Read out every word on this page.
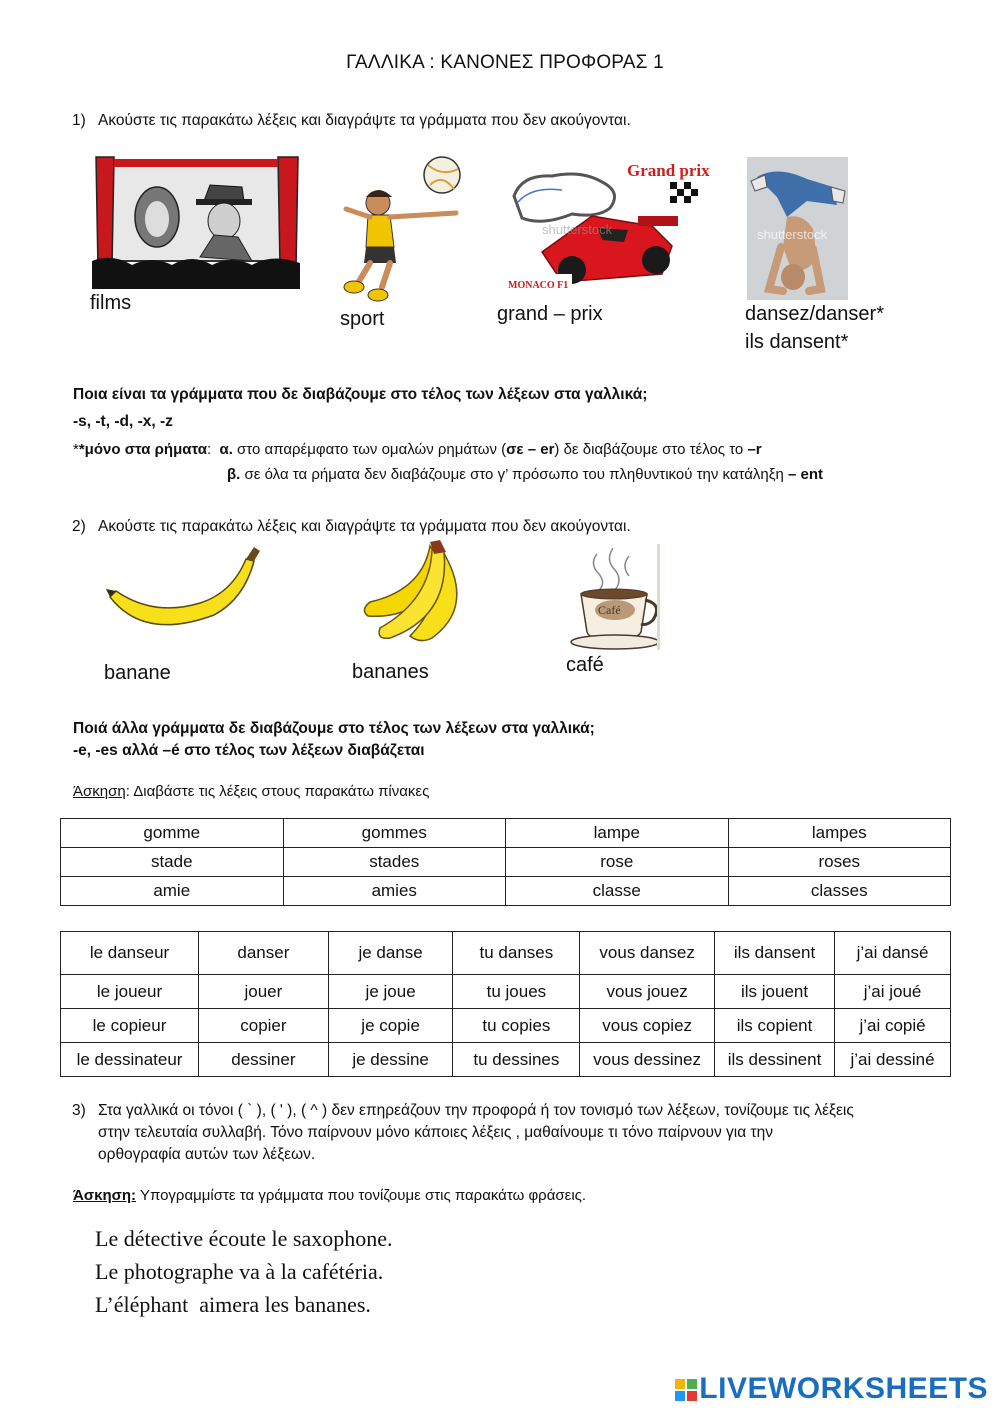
ΓΑΛΛΙΚΑ : ΚΑΝΟΝΕΣ ΠΡΟΦΟΡΑΣ 1
1) Ακούστε τις παρακάτω λέξεις και διαγράψτε τα γράμματα που δεν ακούγονται.
films
sport
Grand prix
MONACO F1
shutterstock
grand – prix
shutterstock
dansez/danser*
ils dansent*
Ποια είναι τα γράμματα που δε διαβάζουμε στο τέλος των λέξεων στα γαλλικά;
-s, -t, -d, -x, -z
**μόνο στα ρήματα:  α. στο απαρέμφατο των ομαλών ρημάτων (σε – er) δε διαβάζουμε στο τέλος το –r
β. σε όλα τα ρήματα δεν διαβάζουμε στο γ’ πρόσωπο του πληθυντικού την κατάληξη – ent
2) Ακούστε τις παρακάτω λέξεις και διαγράψτε τα γράμματα που δεν ακούγονται.
banane	bananes
Café
café
Ποιά άλλα γράμματα δε διαβάζουμε στο τέλος των λέξεων στα γαλλικά;
-e, -es αλλά –é στο τέλος των λέξεων διαβάζεται
Άσκηση: Διαβάστε τις λέξεις στους παρακάτω πίνακες
gomme	gommes	lampe	lampes
stade	stades	rose	roses
amie	amies	classe	classes
le danseur	danser	je danse	tu danses	vous dansez	ils dansent	j’ai dansé
le joueur	jouer	je joue	tu joues	vous jouez	ils jouent	j’ai joué
le copieur	copier	je copie	tu copies	vous copiez	ils copient	j’ai copié
le dessinateur	dessiner	je dessine	tu dessines	vous dessinez	ils dessinent	j’ai dessiné
3) Στα γαλλικά οι τόνοι ( ` ), ( ʹ ), ( ^ ) δεν επηρεάζουν την προφορά ή τον τονισμό των λέξεων, τονίζουμε τις λέξεις
στην τελευταία συλλαβή. Τόνο παίρνουν μόνο κάποιες λέξεις , μαθαίνουμε τι τόνο παίρνουν για την
ορθογραφία αυτών των λέξεων.
Άσκηση: Υπογραμμίστε τα γράμματα που τονίζουμε στις παρακάτω φράσεις.
Le détective écoute le saxophone.
Le photographe va à la cafétéria.
L’éléphant  aimera les bananes.
LIVEWORKSHEETS
